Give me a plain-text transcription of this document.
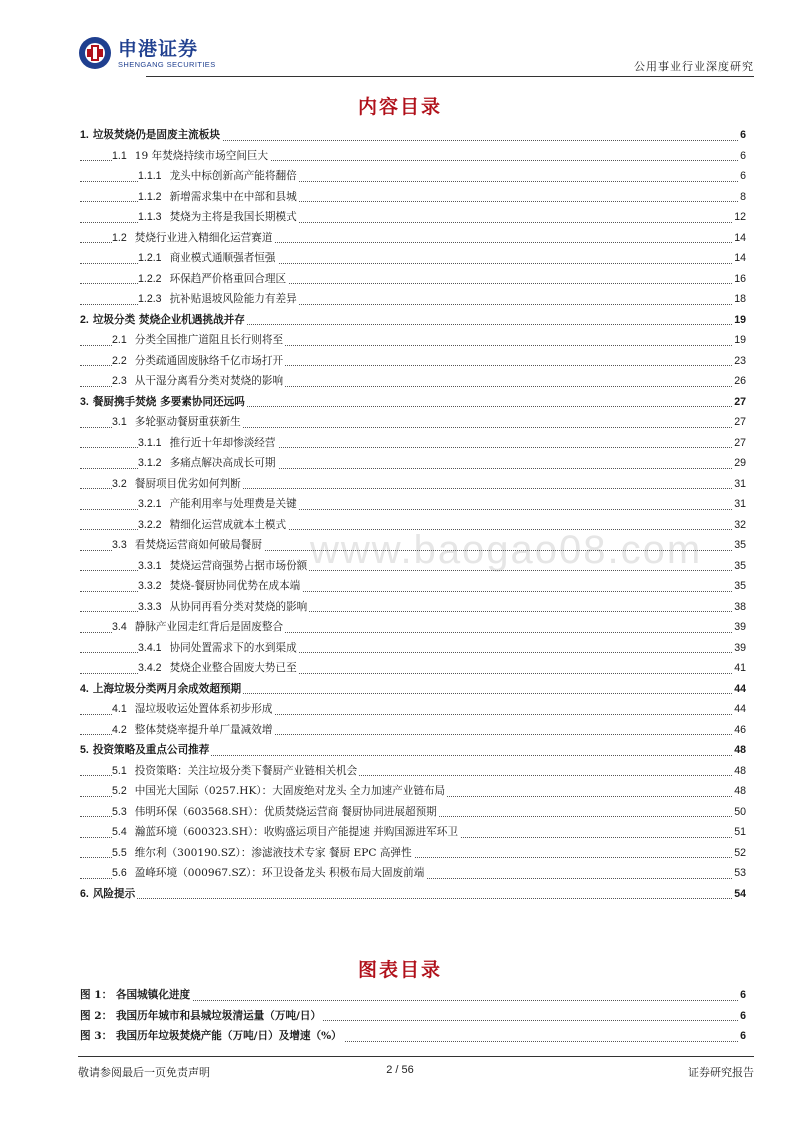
申港证券
SHENGANG SECURITIES	公用事业行业深度研究
www.baogao08.com
内容目录
1. 垃圾焚烧仍是固废主流板块	6
1.1 19 年焚烧持续市场空间巨大	6
1.1.1 龙头中标创新高产能将翻倍	6
1.1.2 新增需求集中在中部和县城	8
1.1.3 焚烧为主将是我国长期模式	12
1.2 焚烧行业进入精细化运营赛道	14
1.2.1 商业模式通顺强者恒强	14
1.2.2 环保趋严价格重回合理区	16
1.2.3 抗补贴退坡风险能力有差异	18
2. 垃圾分类 焚烧企业机遇挑战并存	19
2.1 分类全国推广道阻且长行则将至	19
2.2 分类疏通固废脉络千亿市场打开	23
2.3 从干湿分离看分类对焚烧的影响	26
3. 餐厨携手焚烧 多要素协同还远吗	27
3.1 多轮驱动餐厨重获新生	27
3.1.1 推行近十年却惨淡经营	27
3.1.2 多痛点解决高成长可期	29
3.2 餐厨项目优劣如何判断	31
3.2.1 产能利用率与处理费是关键	31
3.2.2 精细化运营成就本土模式	32
3.3 看焚烧运营商如何破局餐厨	35
3.3.1 焚烧运营商强势占据市场份额	35
3.3.2 焚烧-餐厨协同优势在成本端	35
3.3.3 从协同再看分类对焚烧的影响	38
3.4 静脉产业园走红背后是固废整合	39
3.4.1 协同处置需求下的水到渠成	39
3.4.2 焚烧企业整合固废大势已至	41
4. 上海垃圾分类两月余成效超预期	44
4.1 湿垃圾收运处置体系初步形成	44
4.2 整体焚烧率提升单厂量减效增	46
5. 投资策略及重点公司推荐	48
5.1 投资策略：关注垃圾分类下餐厨产业链相关机会	48
5.2 中国光大国际（0257.HK）：大固废绝对龙头 全力加速产业链布局	48
5.3 伟明环保（603568.SH）：优质焚烧运营商 餐厨协同进展超预期	50
5.4 瀚蓝环境（600323.SH）：收购盛运项目产能提速 并购国源进军环卫	51
5.5 维尔利（300190.SZ）：渗滤液技术专家 餐厨 EPC 高弹性	52
5.6 盈峰环境（000967.SZ）：环卫设备龙头 积极布局大固废前端	53
6. 风险提示	54
图表目录
图 1： 各国城镇化进度	6
图 2： 我国历年城市和县城垃圾清运量（万吨/日）	6
图 3： 我国历年垃圾焚烧产能（万吨/日）及增速（%）	6
敬请参阅最后一页免责声明	2 / 56	证券研究报告
